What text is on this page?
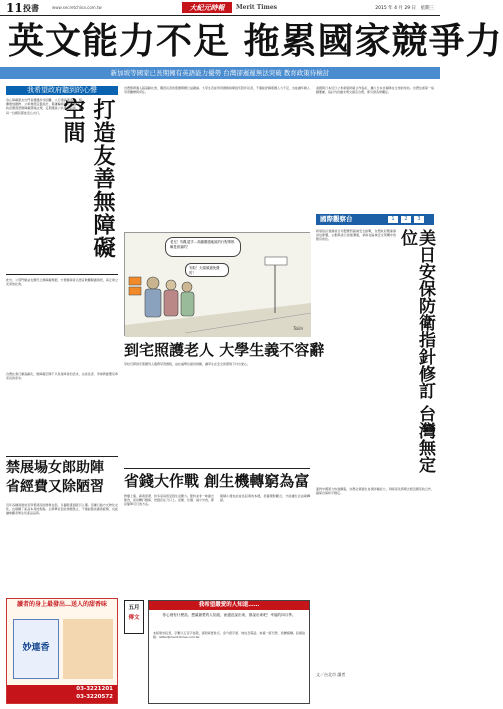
11 投書	www.secretchina.com.tw	大紀元時報	Merit Times	2015 年 4 月 29 日　星期三
英文能力不足 拖累國家競爭力
新加坡等國家已長期擁有英語能力優勢 台灣卻遲遲無法突破 教育政策待檢討
我希望政府聽到的心聲
身心障礙朋友出門常遭遇許多困難，人行道高低落差、騎樓堆放雜物、公車無低底盤設計，都讓輪椅族寸步難行。政府應落實無障礙環境法規，定期稽查公共場所設施，讓每一位國民都能安心出行。	打造友善無障礙空間
此外，公部門網站也應符合無障礙規範，方便視障者以語音軟體閱讀資訊，真正建立友善的社會。
台灣社會日漸高齡化，無障礙空間不只是身障者的需求，也是長者、孕婦與推嬰兒車家長的需求。
禁展場女郎助陣 省經費又除陋習
近年各種商展常見穿著清涼的展場女郎，以養眼畫面吸引人潮。這種行銷方式物化女性，也模糊了產品本身的焦點。主辦單位若能規範禁止，不僅能節省廠商經費，也能讓參觀者專注於產品品質。
台灣即將邁入超高齡社會，獨居長者的照護問題日益嚴重。大學生若能利用課餘時間到宅陪伴長者，不僅能紓解照護人力不足，也能讓年輕人學習關懷與責任。
老兄！別亂超手…高鐵優遇地區的行程專都嘛是被塞的！
安啦！大頭頭還免費的！
Tsilin
到宅照護老人 大學生義不容辭
學校可將到宅照護列入服務學習課程，由社福單位提供訓練，讓學生在安全的環境下付出愛心。
省錢大作戰 創生機轉窮為富
物價上漲、薪資停滯，許多家庭感受到生活壓力。節約並非一味縮衣節食，而是精打細算，把錢花在刀口上。記帳、比價、減少外食，都是簡單可行的方法。
累積小錢也能成為投資的本錢，培養理財觀念，才能讓生活由窮轉富。
美國與日本近日公布新版防衛合作指針，擴大日本自衛隊在全球的角色。台灣位處第一島鏈要衝，指針內容雖未明文提及台灣，卻引發各界關注。
國際觀察台	1	2	3
新版指針強調美日同盟應對區域安全挑戰，台灣政府應審慎評估影響，主動與美日加強溝通，爭取在區域安全架構中的應有角色。	美日安保防衛指針修訂 台灣無定位
面對中國軍力快速擴張，台灣必須強化自我防衛能力，同時深化與理念相近國家的合作，確保台海和平穩定。
讀者的身上最發出…送人的甜香味
妙連香
03-3221201
03-3220572
五月
傳文
我希望嚴愛的人知道……
你心裡有什麼話，想讓最愛的人知道，而還沒說出來，都說出來吧！幸福的四月季。
本版徵求投書，字數以五百字為限，請附真實姓名、身分證字號、地址及電話。來稿一經刊登，致贈稿酬。投稿信箱：letter@merit-times.com.tw
文／台北市 讀者
